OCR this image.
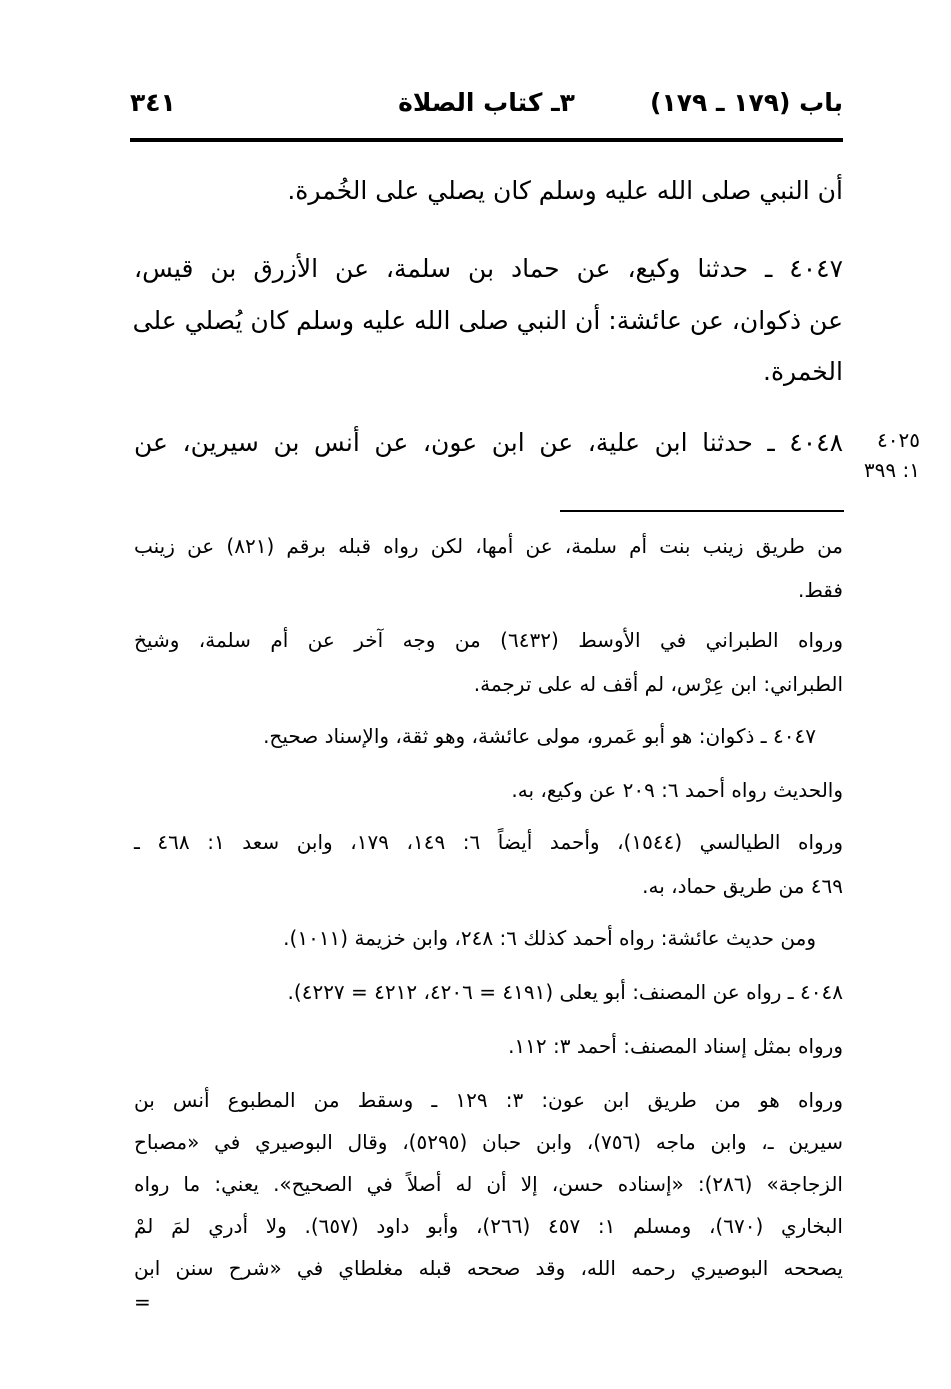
باب (١٧٩ ـ ١٧٩)
٣ـ كتاب الصلاة
٣٤١
أن النبي صلى الله عليه وسلم كان يصلي على الخُمرة.
٤٠٤٧ ـ حدثنا وكيع، عن حماد بن سلمة، عن الأزرق بن قيس،
عن ذكوان، عن عائشة: أن النبي صلى الله عليه وسلم كان يُصلي على
الخمرة.
٤٠٤٨ ـ حدثنا ابن علية، عن ابن عون، عن أنس بن سيرين، عن	٤٠٢٥
١: ٣٩٩
من طريق زينب بنت أم سلمة، عن أمها، لكن رواه قبله برقم (٨٢١) عن زينب
فقط.
ورواه الطبراني في الأوسط (٦٤٣٢) من وجه آخر عن أم سلمة، وشيخ
الطبراني: ابن عِرْس، لم أقف له على ترجمة.
٤٠٤٧ ـ ذكوان: هو أبو عَمرو، مولى عائشة، وهو ثقة، والإسناد صحيح.
والحديث رواه أحمد ٦: ٢٠٩ عن وكيع، به.
ورواه الطيالسي (١٥٤٤)، وأحمد أيضاً ٦: ١٤٩، ١٧٩، وابن سعد ١: ٤٦٨ ـ
٤٦٩ من طريق حماد، به.
ومن حديث عائشة: رواه أحمد كذلك ٦: ٢٤٨، وابن خزيمة (١٠١١).
٤٠٤٨ ـ رواه عن المصنف: أبو يعلى (٤١٩١ = ٤٢٠٦، ٤٢١٢ = ٤٢٢٧).
ورواه بمثل إسناد المصنف: أحمد ٣: ١١٢.
ورواه هو من طريق ابن عون: ٣: ١٢٩ ـ وسقط من المطبوع أنس بن
سيرين ـ، وابن ماجه (٧٥٦)، وابن حبان (٥٢٩٥)، وقال البوصيري في «مصباح
الزجاجة» (٢٨٦): «إسناده حسن، إلا أن له أصلاً في الصحيح». يعني: ما رواه
البخاري (٦٧٠)، ومسلم ١: ٤٥٧ (٢٦٦)، وأبو داود (٦٥٧). ولا أدري لمَ لمْ
يصححه البوصيري رحمه الله، وقد صححه قبله مغلطاي في «شرح سنن ابن
=
